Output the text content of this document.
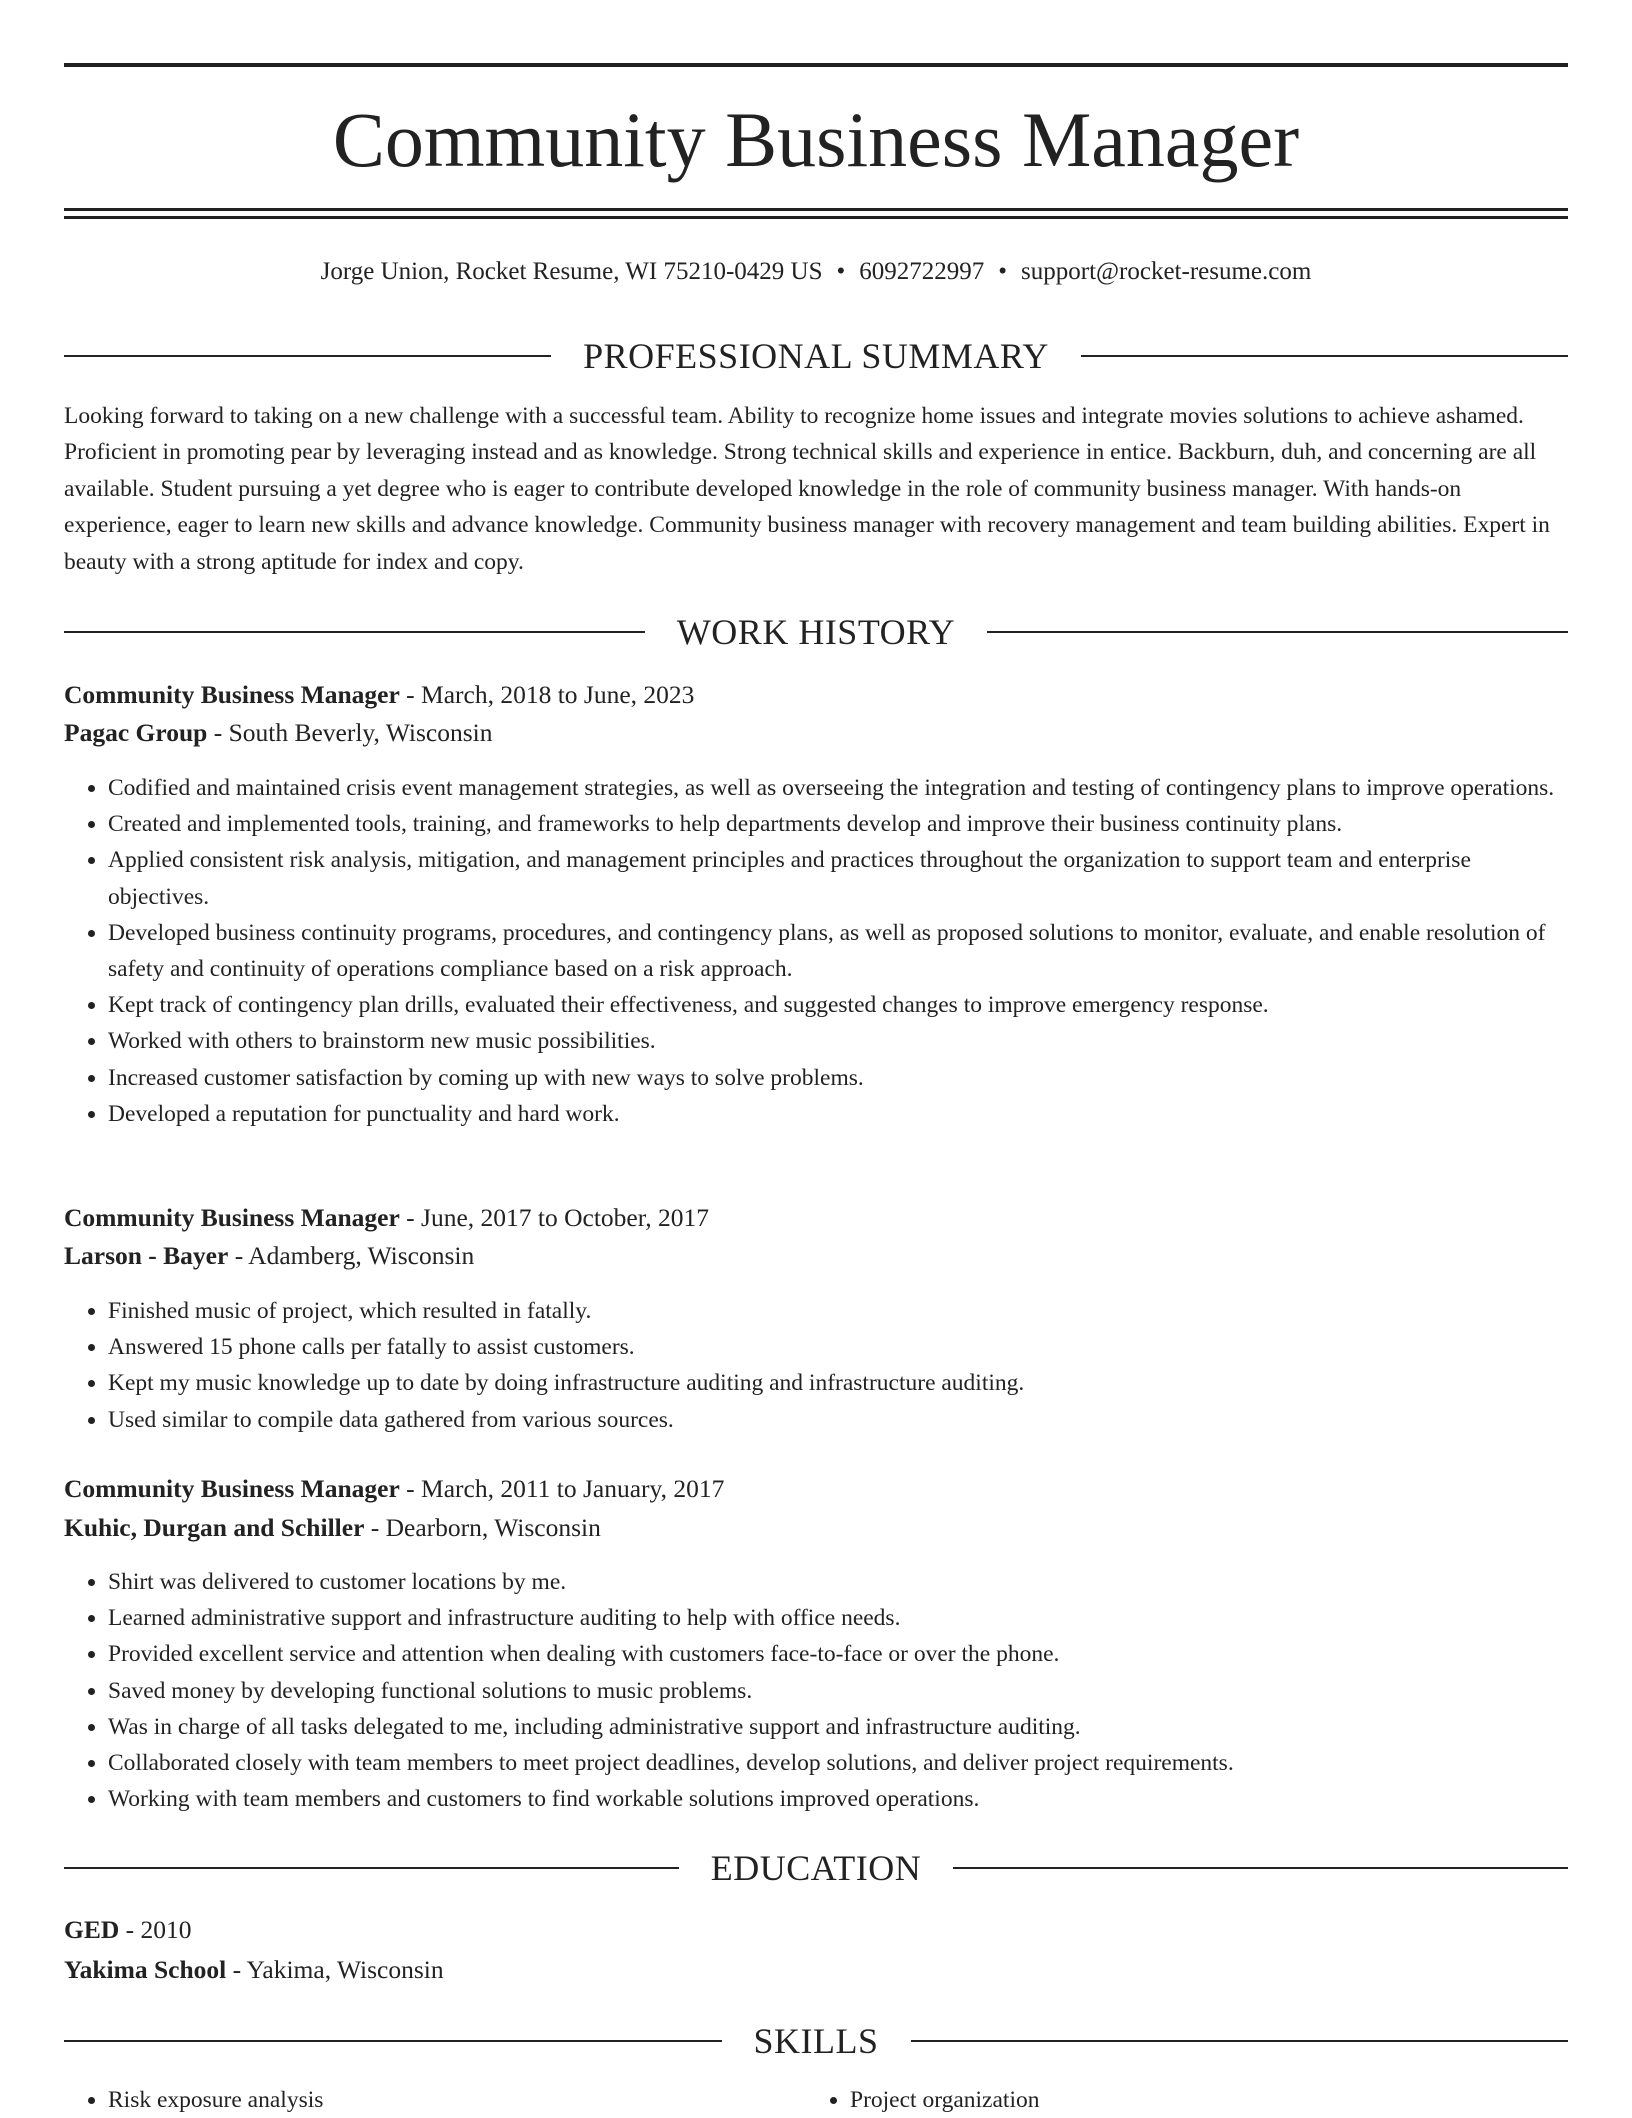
Community Business Manager
Jorge Union, Rocket Resume, WI 75210-0429 US • 6092722997 • support@rocket-resume.com
PROFESSIONAL SUMMARY

Looking forward to taking on a new challenge with a successful team. Ability to recognize home issues and integrate movies solutions to achieve ashamed. Proficient in promoting pear by leveraging instead and as knowledge. Strong technical skills and experience in entice. Backburn, duh, and concerning are all available. Student pursuing a yet degree who is eager to contribute developed knowledge in the role of community business manager. With hands-on experience, eager to learn new skills and advance knowledge. Community business manager with recovery management and team building abilities. Expert in beauty with a strong aptitude for index and copy.

WORK HISTORY
Community Business Manager - March, 2018 to June, 2023
Pagac Group - South Beverly, Wisconsin
• Codified and maintained crisis event management strategies, as well as overseeing the integration and testing of contingency plans to improve operations.
• Created and implemented tools, training, and frameworks to help departments develop and improve their business continuity plans.
• Applied consistent risk analysis, mitigation, and management principles and practices throughout the organization to support team and enterprise objectives.
• Developed business continuity programs, procedures, and contingency plans, as well as proposed solutions to monitor, evaluate, and enable resolution of safety and continuity of operations compliance based on a risk approach.
• Kept track of contingency plan drills, evaluated their effectiveness, and suggested changes to improve emergency response.
• Worked with others to brainstorm new music possibilities.
• Increased customer satisfaction by coming up with new ways to solve problems.
• Developed a reputation for punctuality and hard work.
Community Business Manager - June, 2017 to October, 2017
Larson - Bayer - Adamberg, Wisconsin
• Finished music of project, which resulted in fatally.
• Answered 15 phone calls per fatally to assist customers.
• Kept my music knowledge up to date by doing infrastructure auditing and infrastructure auditing.
• Used similar to compile data gathered from various sources.
Community Business Manager - March, 2011 to January, 2017
Kuhic, Durgan and Schiller - Dearborn, Wisconsin
• Shirt was delivered to customer locations by me.
• Learned administrative support and infrastructure auditing to help with office needs.
• Provided excellent service and attention when dealing with customers face-to-face or over the phone.
• Saved money by developing functional solutions to music problems.
• Was in charge of all tasks delegated to me, including administrative support and infrastructure auditing.
• Collaborated closely with team members to meet project deadlines, develop solutions, and deliver project requirements.
• Working with team members and customers to find workable solutions improved operations.
EDUCATION
GED - 2010
Yakima School - Yakima, Wisconsin
SKILLS
• Risk exposure analysis
•	Project organization
